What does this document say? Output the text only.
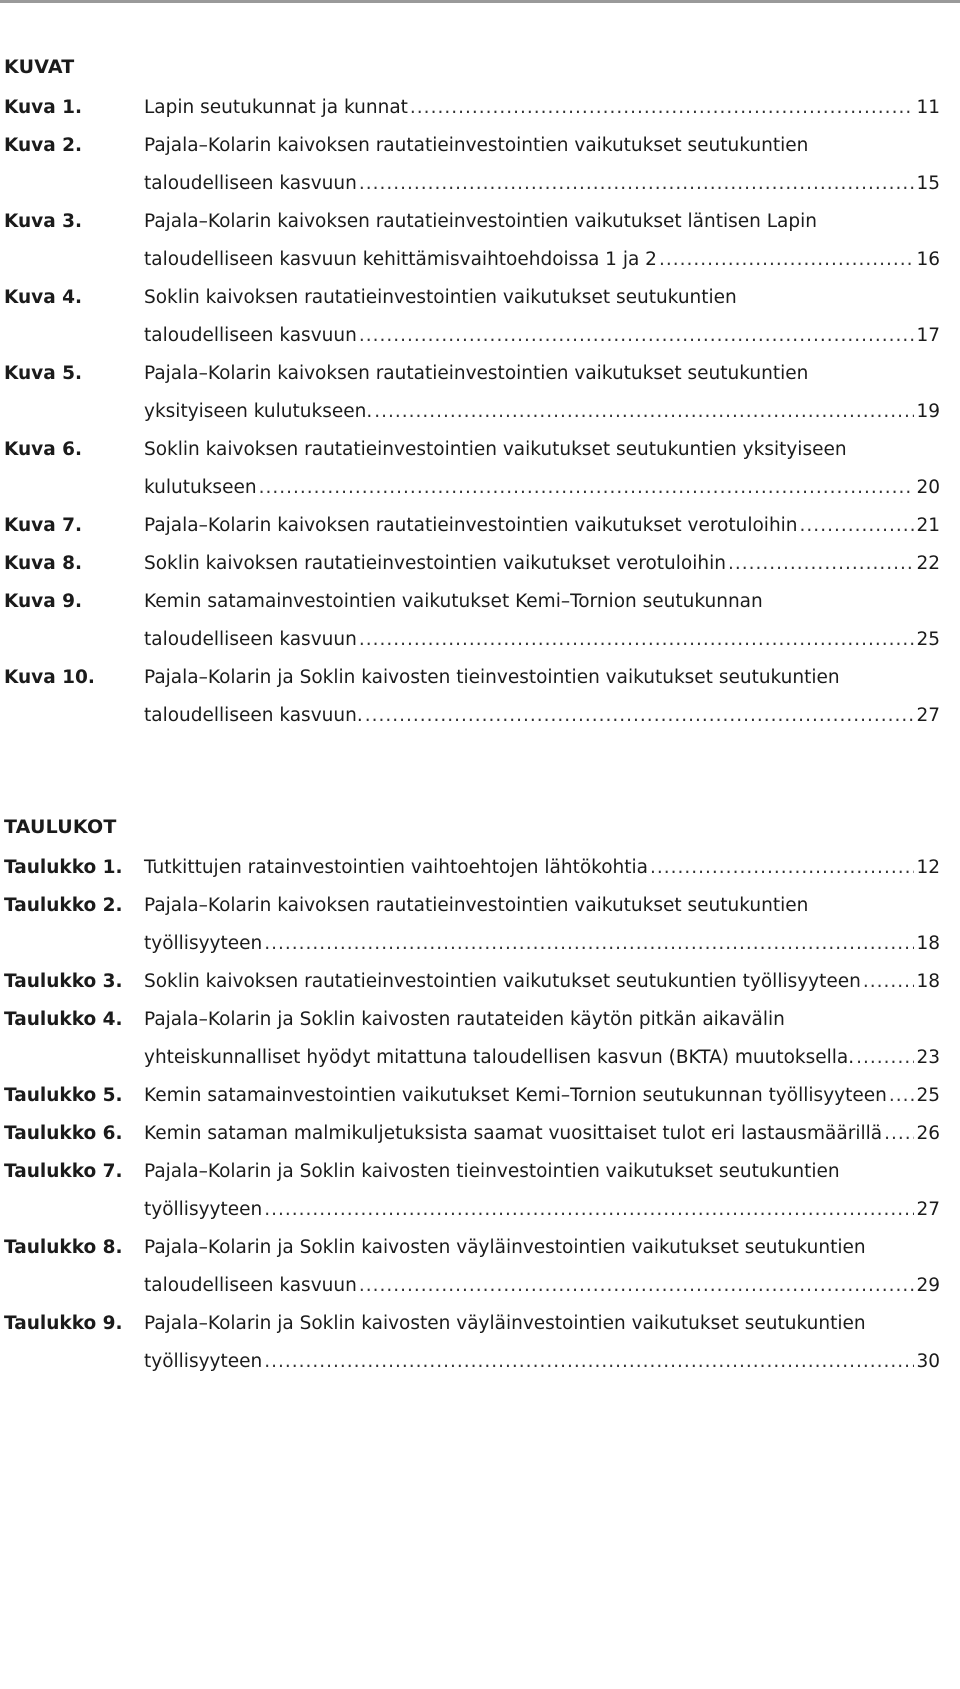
KUVAT
Kuva 1.	Lapin seutukunnat ja kunnat .....	11
Kuva 2.	Pajala–Kolarin kaivoksen rautatieinvestointien vaikutukset seutukuntien
taloudelliseen kasvuun .....	15
Kuva 3.	Pajala–Kolarin kaivoksen rautatieinvestointien vaikutukset läntisen Lapin
taloudelliseen kasvuun kehittämisvaihtoehdoissa 1 ja 2 .....	16
Kuva 4.	Soklin kaivoksen rautatieinvestointien vaikutukset seutukuntien
taloudelliseen kasvuun .....	17
Kuva 5.	Pajala–Kolarin kaivoksen rautatieinvestointien vaikutukset seutukuntien
yksityiseen kulutukseen. .....	19
Kuva 6.	Soklin kaivoksen rautatieinvestointien vaikutukset seutukuntien yksityiseen
kulutukseen .....	20
Kuva 7.	Pajala–Kolarin kaivoksen rautatieinvestointien vaikutukset verotuloihin .....	21
Kuva 8.	Soklin kaivoksen rautatieinvestointien vaikutukset verotuloihin .....	22
Kuva 9.	Kemin satamainvestointien vaikutukset Kemi–Tornion seutukunnan
taloudelliseen kasvuun .....	25
Kuva 10.	Pajala–Kolarin ja Soklin kaivosten tieinvestointien vaikutukset seutukuntien
taloudelliseen kasvuun. .....	27
TAULUKOT
Taulukko 1. Tutkittujen ratainvestointien vaihtoehtojen lähtökohtia .....	12
Taulukko 2. Pajala–Kolarin kaivoksen rautatieinvestointien vaikutukset seutukuntien
työllisyyteen .....	18
Taulukko 3. Soklin kaivoksen rautatieinvestointien vaikutukset seutukuntien työllisyyteen .....	18
Taulukko 4. Pajala–Kolarin ja Soklin kaivosten rautateiden käytön pitkän aikavälin
yhteiskunnalliset hyödyt mitattuna taloudellisen kasvun (BKTA) muutoksella. .....	23
Taulukko 5. Kemin satamainvestointien vaikutukset Kemi–Tornion seutukunnan työllisyyteen ..... 25
Taulukko 6. Kemin sataman malmikuljetuksista saamat vuosittaiset tulot eri lastausmäärillä ..... 26
Taulukko 7. Pajala–Kolarin ja Soklin kaivosten tieinvestointien vaikutukset seutukuntien
työllisyyteen .....	27
Taulukko 8. Pajala–Kolarin ja Soklin kaivosten väyläinvestointien vaikutukset seutukuntien
taloudelliseen kasvuun .....	29
Taulukko 9. Pajala–Kolarin ja Soklin kaivosten väyläinvestointien vaikutukset seutukuntien
työllisyyteen .....	30
